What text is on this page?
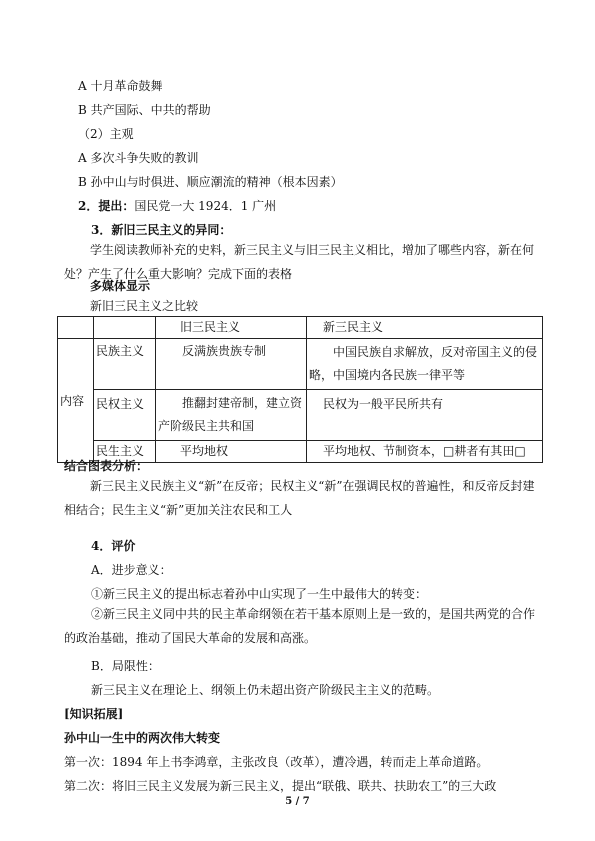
A 十月革命鼓舞
B 共产国际、中共的帮助
（2）主观
A 多次斗争失败的教训
B 孙中山与时俱进、顺应潮流的精神（根本因素）
2．提出：国民党一大 1924．1 广州
3．新旧三民主义的异同：
学生阅读教师补充的史料，新三民主义与旧三民主义相比，增加了哪些内容，新在何处？产生了什么重大影响？完成下面的表格
多媒体显示
新旧三民主义之比较
		旧三民主义	新三民主义
内容	民族主义	反满族贵族专制	中国民族自求解放，反对帝国主义的侵略，中国境内各民族一律平等
	民权主义	推翻封建帝制，建立资产阶级民主共和国	民权为一般平民所共有
	民生主义	平均地权	平均地权、节制资本，□耕者有其田□
结合图表分析：
新三民主义民族主义“新”在反帝；民权主义“新”在强调民权的普遍性，和反帝反封建相结合；民生主义“新”更加关注农民和工人
4．评价
A．进步意义：
①新三民主义的提出标志着孙中山实现了一生中最伟大的转变：
②新三民主义同中共的民主革命纲领在若干基本原则上是一致的，是国共两党的合作的政治基础，推动了国民大革命的发展和高涨。
B．局限性：
新三民主义在理论上、纲领上仍未超出资产阶级民主主义的范畴。
[知识拓展]
孙中山一生中的两次伟大转变
第一次：1894 年上书李鸿章，主张改良（改革），遭冷遇，转而走上革命道路。
第二次：将旧三民主义发展为新三民主义，提出“联俄、联共、扶助农工”的三大政
5 / 7
